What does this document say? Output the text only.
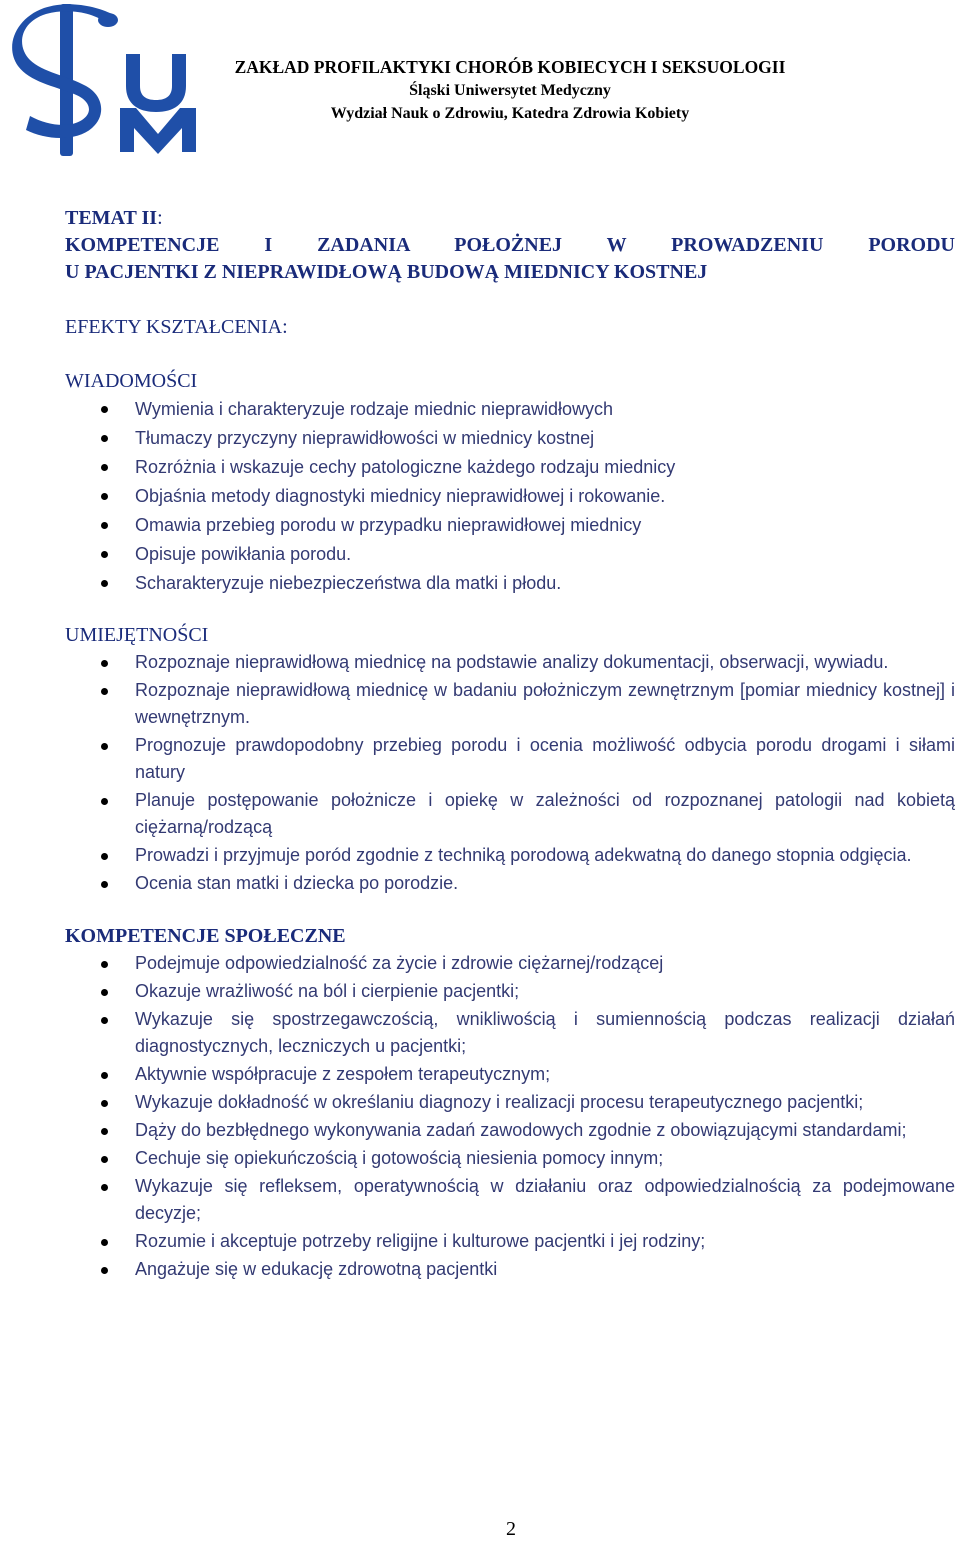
ZAKŁAD PROFILAKTYKI CHORÓB KOBIECYCH I SEKSUOLOGII
Śląski Uniwersytet Medyczny
Wydział Nauk o Zdrowiu, Katedra Zdrowia Kobiety
TEMAT II:
KOMPETENCJE I ZADANIA POŁOŻNEJ W PROWADZENIU PORODU
U PACJENTKI Z NIEPRAWIDŁOWĄ BUDOWĄ MIEDNICY KOSTNEJ
EFEKTY KSZTAŁCENIA:
WIADOMOŚCI
Wymienia i charakteryzuje rodzaje miednic nieprawidłowych
Tłumaczy przyczyny nieprawidłowości w miednicy kostnej
Rozróżnia i wskazuje cechy patologiczne każdego rodzaju miednicy
Objaśnia metody diagnostyki miednicy nieprawidłowej i rokowanie.
Omawia przebieg porodu w przypadku nieprawidłowej miednicy
Opisuje powikłania porodu.
Scharakteryzuje niebezpieczeństwa dla matki i płodu.
UMIEJĘTNOŚCI
Rozpoznaje nieprawidłową miednicę na podstawie analizy dokumentacji, obserwacji, wywiadu.
Rozpoznaje nieprawidłową miednicę w badaniu położniczym zewnętrznym [pomiar miednicy kostnej] i wewnętrznym.
Prognozuje prawdopodobny przebieg porodu i ocenia możliwość odbycia porodu drogami i siłami natury
Planuje postępowanie położnicze i opiekę w zależności od rozpoznanej patologii nad kobietą ciężarną/rodzącą
Prowadzi i przyjmuje poród zgodnie z techniką porodową adekwatną do danego stopnia odgięcia.
Ocenia stan matki i dziecka po porodzie.
KOMPETENCJE SPOŁECZNE
Podejmuje odpowiedzialność za życie i zdrowie ciężarnej/rodzącej
Okazuje wrażliwość na ból i cierpienie pacjentki;
Wykazuje się spostrzegawczością, wnikliwością i sumiennością podczas realizacji działań diagnostycznych, leczniczych u pacjentki;
Aktywnie współpracuje z zespołem terapeutycznym;
Wykazuje dokładność w określaniu diagnozy i realizacji procesu terapeutycznego pacjentki;
Dąży do bezbłędnego wykonywania zadań zawodowych zgodnie z obowiązującymi standardami;
Cechuje się opiekuńczością i gotowością niesienia pomocy innym;
Wykazuje się refleksem, operatywnością w działaniu oraz odpowiedzialnością za podejmowane decyzje;
Rozumie i akceptuje potrzeby religijne i kulturowe pacjentki i jej rodziny;
Angażuje się w edukację zdrowotną pacjentki
2
